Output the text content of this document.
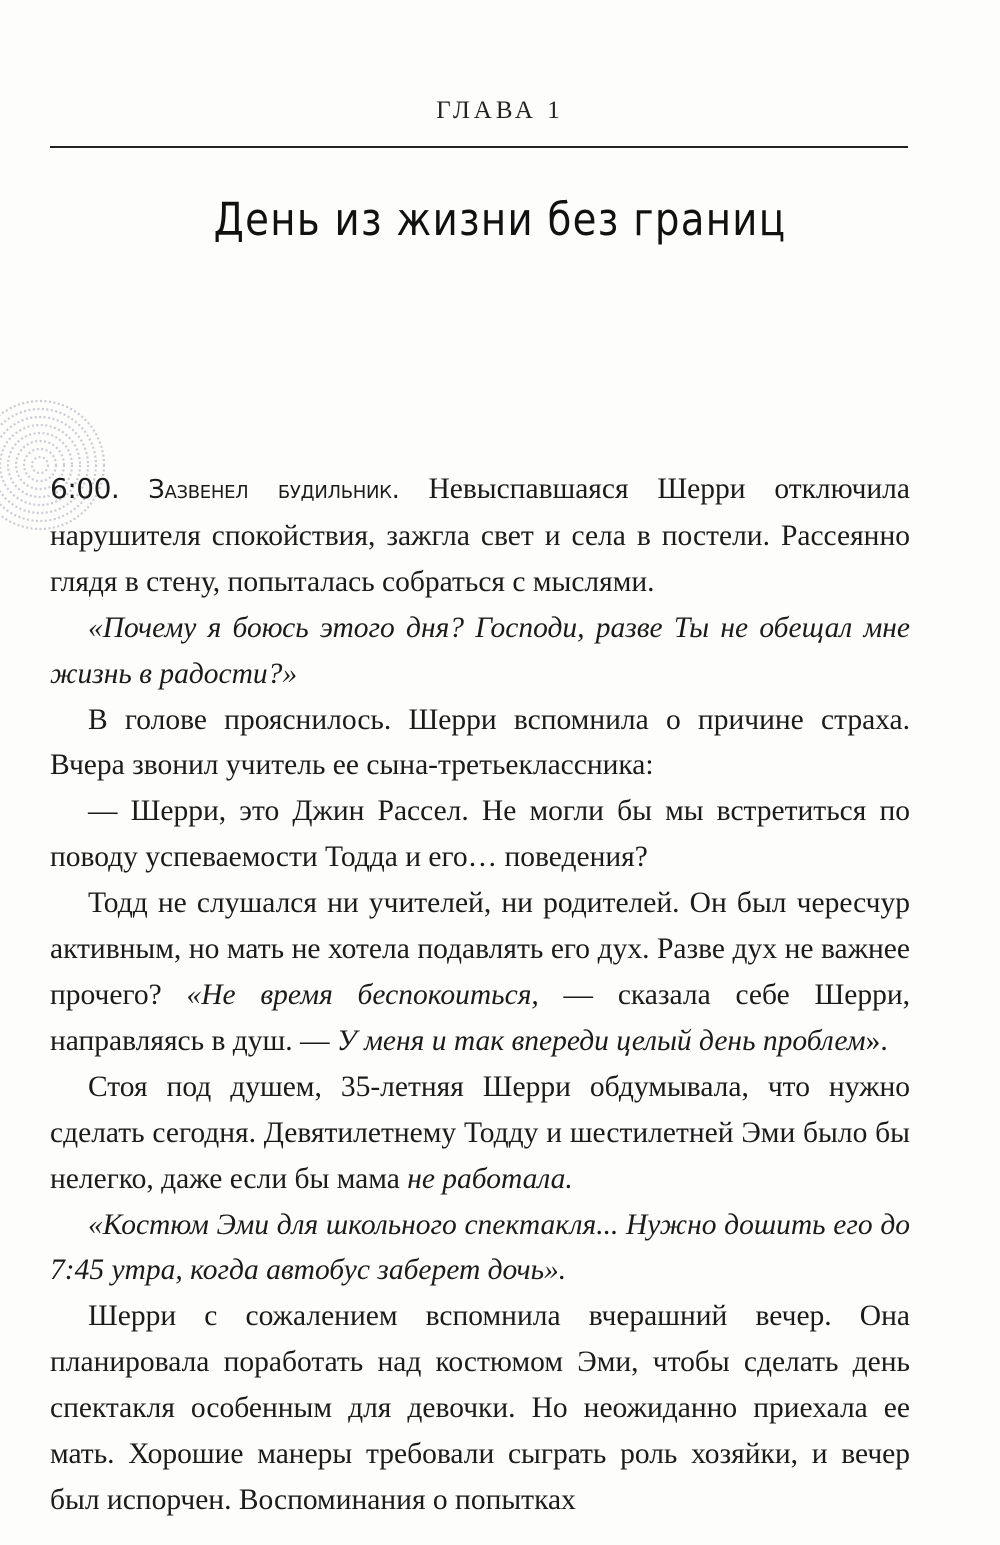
ГЛАВА 1
День из жизни без границ

6:00. Зазвенел будильник. Невыспавшаяся Шерри отключила нарушителя спокойствия, зажгла свет и села в постели. Рассеянно глядя в стену, попыталась собраться с мыслями.

«Почему я боюсь этого дня? Господи, разве Ты не обещал мне жизнь в радости?»

В голове прояснилось. Шерри вспомнила о причине страха. Вчера звонил учитель ее сына-третьеклассника:

— Шерри, это Джин Рассел. Не могли бы мы встретиться по поводу успеваемости Тодда и его… поведения?

Тодд не слушался ни учителей, ни родителей. Он был чересчур активным, но мать не хотела подавлять его дух. Разве дух не важнее прочего? «Не время беспокоиться, — сказала себе Шерри, направляясь в душ. — У меня и так впереди целый день проблем».

Стоя под душем, 35-летняя Шерри обдумывала, что нужно сделать сегодня. Девятилетнему Тодду и шестилетней Эми было бы нелегко, даже если бы мама не работала.

«Костюм Эми для школьного спектакля... Нужно дошить его до 7:45 утра, когда автобус заберет дочь».

Шерри с сожалением вспомнила вчерашний вечер. Она планировала поработать над костюмом Эми, чтобы сделать день спектакля особенным для девочки. Но неожиданно приехала ее мать. Хорошие манеры требовали сыграть роль хозяйки, и вечер был испорчен. Воспоминания о попытках
